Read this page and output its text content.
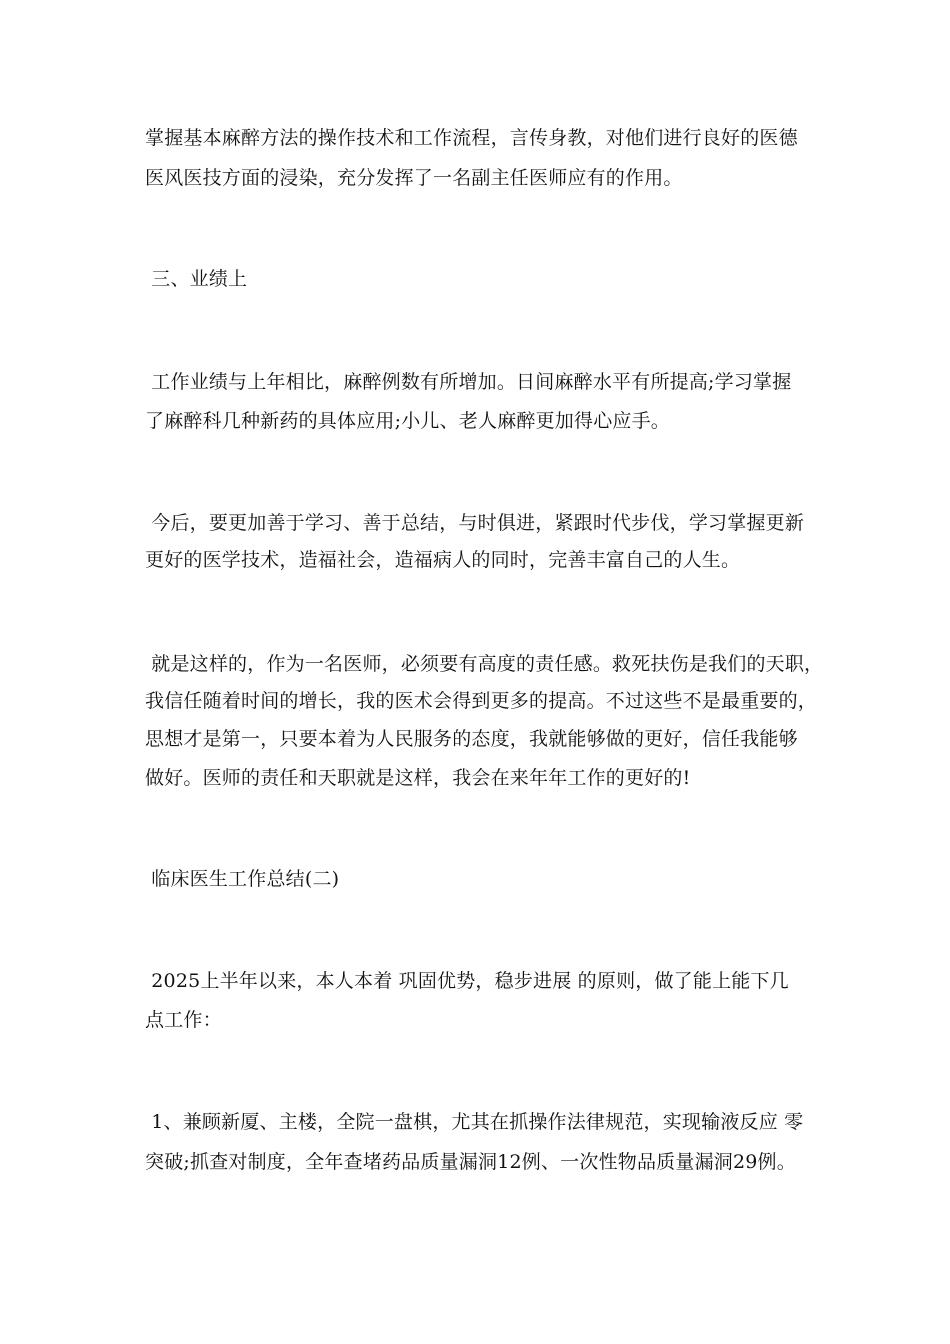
掌握基本麻醉方法的操作技术和工作流程，言传身教，对他们进行良好的医德
医风医技方面的浸染，充分发挥了一名副主任医师应有的作用。
三、业绩上
工作业绩与上年相比，麻醉例数有所增加。日间麻醉水平有所提高;学习掌握
了麻醉科几种新药的具体应用;小儿、老人麻醉更加得心应手。
今后，要更加善于学习、善于总结，与时俱进，紧跟时代步伐，学习掌握更新
更好的医学技术，造福社会，造福病人的同时，完善丰富自己的人生。
就是这样的，作为一名医师，必须要有高度的责任感。救死扶伤是我们的天职，
我信任随着时间的增长，我的医术会得到更多的提高。不过这些不是最重要的，
思想才是第一，只要本着为人民服务的态度，我就能够做的更好，信任我能够
做好。医师的责任和天职就是这样，我会在来年年工作的更好的!
临床医生工作总结(二)
2025上半年以来，本人本着 巩固优势，稳步进展 的原则，做了能上能下几
点工作：
1、兼顾新厦、主楼，全院一盘棋，尤其在抓操作法律规范，实现输液反应 零
突破;抓查对制度，全年查堵药品质量漏洞12例、一次性物品质量漏洞29例。
